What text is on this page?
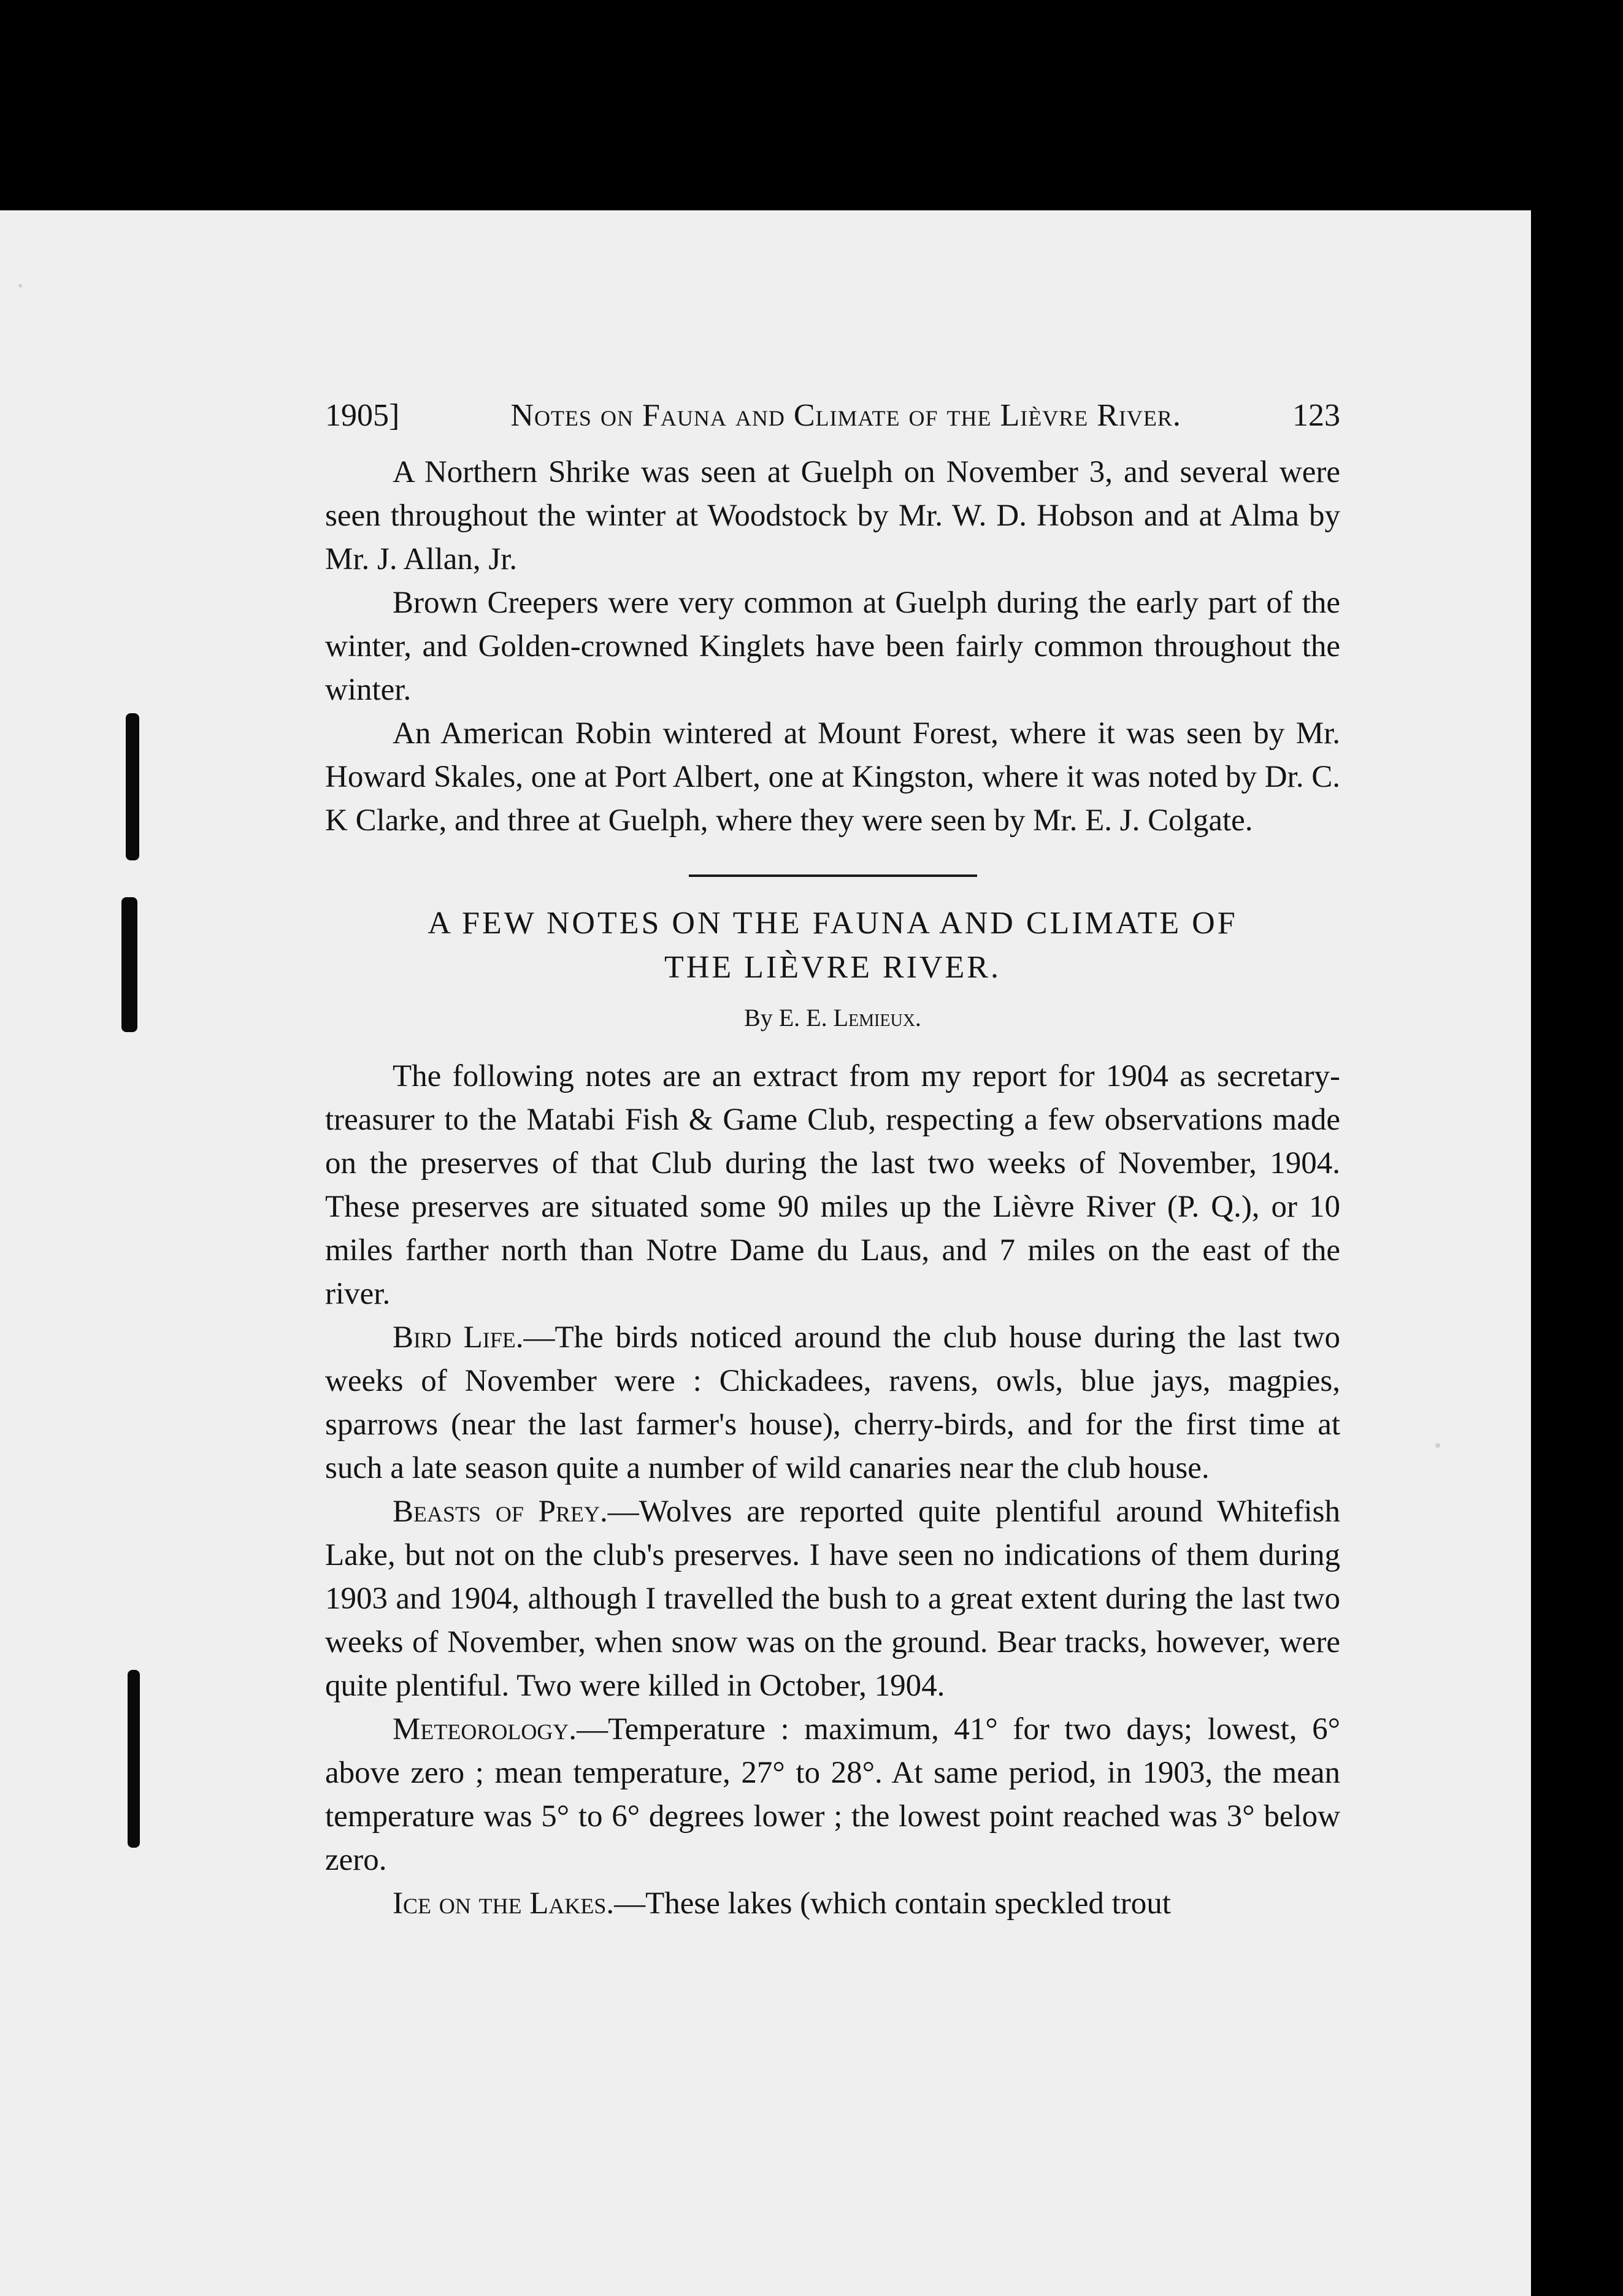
1905]	Notes on Fauna and Climate of the Lièvre River.	123

A Northern Shrike was seen at Guelph on November 3, and several were seen throughout the winter at Woodstock by Mr. W. D. Hobson and at Alma by Mr. J. Allan, Jr.

Brown Creepers were very common at Guelph during the early part of the winter, and Golden-crowned Kinglets have been fairly common throughout the winter.

An American Robin wintered at Mount Forest, where it was seen by Mr. Howard Skales, one at Port Albert, one at Kingston, where it was noted by Dr. C. K Clarke, and three at Guelph, where they were seen by Mr. E. J. Colgate.

A FEW NOTES ON THE FAUNA AND CLIMATE OF
THE LIÈVRE RIVER.
By E. E. Lemieux.

The following notes are an extract from my report for 1904 as secretary-treasurer to the Matabi Fish & Game Club, respecting a few observations made on the preserves of that Club during the last two weeks of November, 1904. These preserves are situated some 90 miles up the Lièvre River (P. Q.), or 10 miles farther north than Notre Dame du Laus, and 7 miles on the east of the river.

Bird Life.—The birds noticed around the club house during the last two weeks of November were : Chickadees, ravens, owls, blue jays, magpies, sparrows (near the last farmer's house), cherry-birds, and for the first time at such a late season quite a number of wild canaries near the club house.

Beasts of Prey.—Wolves are reported quite plentiful around Whitefish Lake, but not on the club's preserves. I have seen no indications of them during 1903 and 1904, although I travelled the bush to a great extent during the last two weeks of November, when snow was on the ground. Bear tracks, however, were quite plentiful. Two were killed in October, 1904.

Meteorology.—Temperature : maximum, 41° for two days; lowest, 6° above zero ; mean temperature, 27° to 28°. At same period, in 1903, the mean temperature was 5° to 6° degrees lower ; the lowest point reached was 3° below zero.

Ice on the Lakes.—These lakes (which contain speckled trout
